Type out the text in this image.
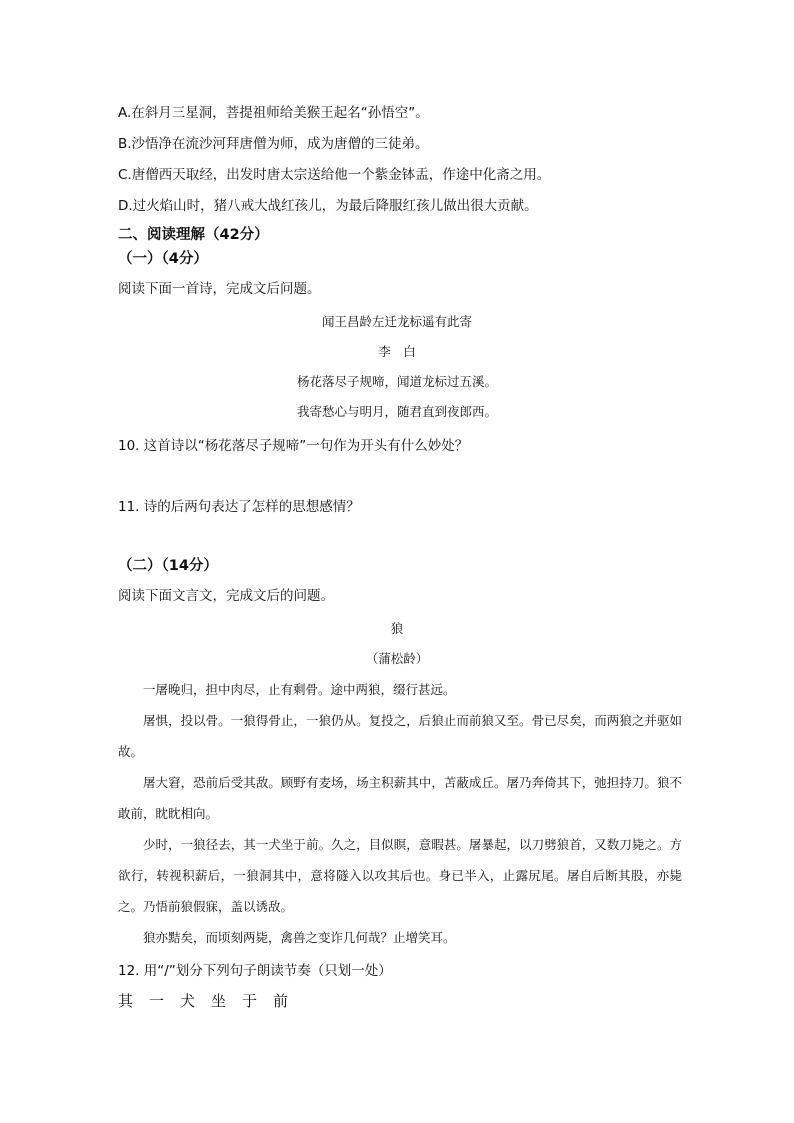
A.在斜月三星洞，菩提祖师给美猴王起名“孙悟空”。
B.沙悟净在流沙河拜唐僧为师，成为唐僧的三徒弟。
C.唐僧西天取经，出发时唐太宗送给他一个紫金钵盂，作途中化斋之用。
D.过火焰山时，猪八戒大战红孩儿，为最后降服红孩儿做出很大贡献。
二、阅读理解（42分）
（一）（4分）
阅读下面一首诗，完成文后问题。
闻王昌龄左迁龙标遥有此寄
李　白
杨花落尽子规啼，闻道龙标过五溪。
我寄愁心与明月，随君直到夜郎西。
10. 这首诗以“杨花落尽子规啼”一句作为开头有什么妙处？
11. 诗的后两句表达了怎样的思想感情？
（二）（14分）
阅读下面文言文，完成文后的问题。
狼
（蒲松龄）
一屠晚归，担中肉尽，止有剩骨。途中两狼，缀行甚远。
屠惧，投以骨。一狼得骨止，一狼仍从。复投之，后狼止而前狼又至。骨已尽矣，而两狼之并驱如故。
屠大窘，恐前后受其敌。顾野有麦场，场主积薪其中，苫蔽成丘。屠乃奔倚其下，弛担持刀。狼不敢前，眈眈相向。
少时，一狼径去，其一犬坐于前。久之，目似瞑，意暇甚。屠暴起，以刀劈狼首，又数刀毙之。方欲行，转视积薪后，一狼洞其中，意将隧入以攻其后也。身已半入，止露尻尾。屠自后断其股，亦毙之。乃悟前狼假寐，盖以诱敌。
狼亦黠矣，而顷刻两毙，禽兽之变诈几何哉？止增笑耳。
12. 用“/”划分下列句子朗读节奏（只划一处）
其一犬坐于前
